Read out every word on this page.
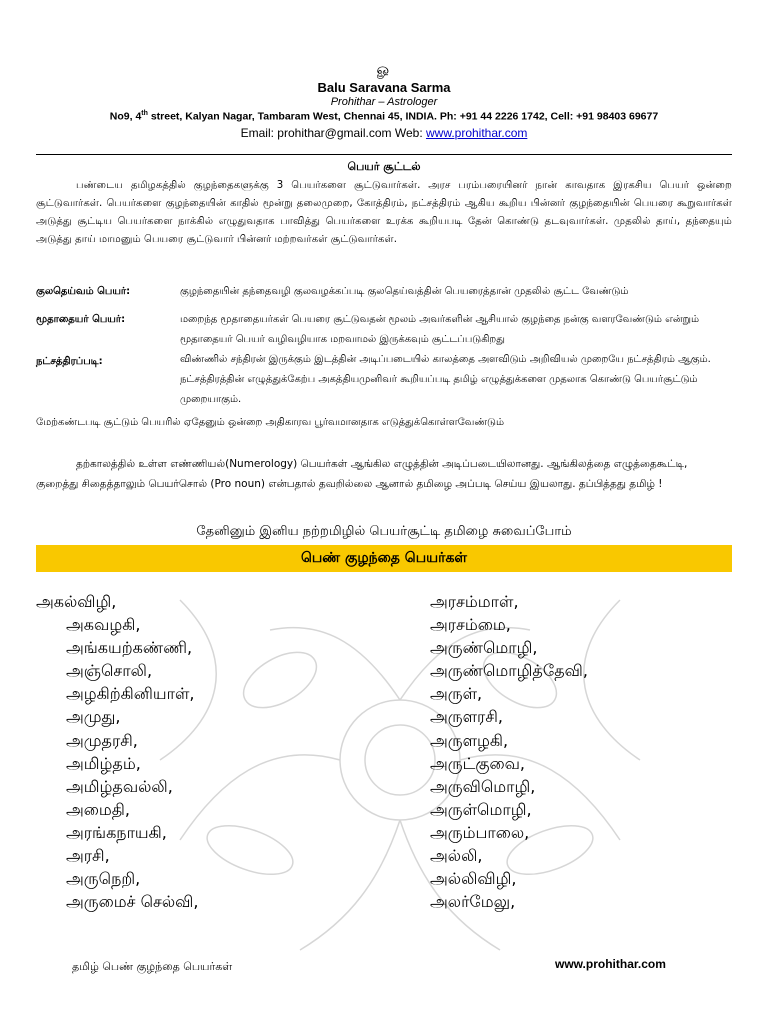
ௐ
Balu Saravana Sarma
Prohithar – Astrologer
No9, 4th street, Kalyan Nagar, Tambaram West, Chennai 45, INDIA. Ph: +91 44 2226 1742, Cell: +91 98403 69677
Email: prohithar@gmail.com Web: www.prohithar.com
பெயர் சூட்டல்
பண்டைய தமிழகத்தில் குழந்தைகளுக்கு 3 பெயர்களை சூட்டுவார்கள். அரச பரம்பரையினர் நான் காவதாக இரகசிய பெயர் ஒன்றை சூட்டுவார்கள். பெயர்களை குழந்தையின் காதில் மூன்று தலைமுறை, கோத்திரம், நட்சத்திரம் ஆகிய கூறிய பின்னர் குழந்தையின் பெயரை கூறுவார்கள் அடுத்து சூட்டிய பெயர்களை நாக்கில் எழுதுவதாக பாவித்து பெயர்களை உரக்க கூறியபடி தேன் கொண்டு தடவுவார்கள். முதலில் தாய், தந்தையும் அடுத்து தாய் மாமனும் பெயரை சூட்டுவார் பின்னர் மற்றவர்கள் சூட்டுவார்கள்.
குலதெய்வம் பெயர்:	குழந்தையின் தந்தைவழி குலவழக்கப்படி குலதெய்வத்தின் பெயரைத்தான் முதலில் சூட்ட வேண்டும்
மூதாதையர் பெயர்:	மறைந்த மூதாதையர்கள் பெயரை சூட்டுவதன் மூலம் அவர்களின் ஆசியால் குழந்தை நன்கு வளரவேண்டும் என்றும் மூதாதையர் பெயர் வழிவழியாக மறவாமல் இருக்கவும் சூட்டப்படுகிறது
நட்சத்திரப்படி:	விண்ணில் சந்திரன் இருக்கும் இடத்தின் அடிப்படையில் காலத்தை அளவிடும் அறிவியல் முறையே நட்சத்திரம் ஆகும். நட்சத்திரத்தின் எழுத்துக்கேற்ப அகத்தியமுனிவர் கூறியப்படி தமிழ் எழுத்துக்களை முதலாக கொண்டு பெயர்சூட்டும் முறையாகும்.
மேற்கண்டபடி சூட்டும் பெயரில் ஏதேனும் ஒன்றை அதிகாரவ பூர்வமானதாக எடுத்துக்கொள்ளவேண்டும்
தற்காலத்தில் உள்ள எண்ணியல்(Numerology) பெயர்கள் ஆங்கில எழுத்தின் அடிப்படையிலானது. ஆங்கிலத்தை எழுத்தைகூட்டி, குறைத்து சிதைத்தாலும் பெயர்சொல் (Pro noun) என்பதால் தவறில்லை ஆனால் தமிழை அப்படி செய்ய இயலாது. தப்பித்தது தமிழ் !
தேனினும் இனிய நற்றமிழில் பெயர்சூட்டி தமிழை சுவைப்போம்
பெண் குழந்தை பெயர்கள்
அகல்விழி,
அகவழகி,
அங்கயற்கண்ணி,
அஞ்சொலி,
அழகிற்கினியாள்,
அமுது,
அமுதரசி,
அமிழ்தம்,
அமிழ்தவல்லி,
அமைதி,
அரங்கநாயகி,
அரசி,
அருநெறி,
அருமைச் செல்வி,
அரசம்மாள்,
அரசம்மை,
அருண்மொழி,
அருண்மொழித்தேவி,
அருள்,
அருளரசி,
அருளழகி,
அருட்குவை,
அருவிமொழி,
அருள்மொழி,
அரும்பாலை,
அல்லி,
அல்லிவிழி,
அலர்மேலு,
தமிழ் பெண் குழந்தை பெயர்கள்	www.prohithar.com
